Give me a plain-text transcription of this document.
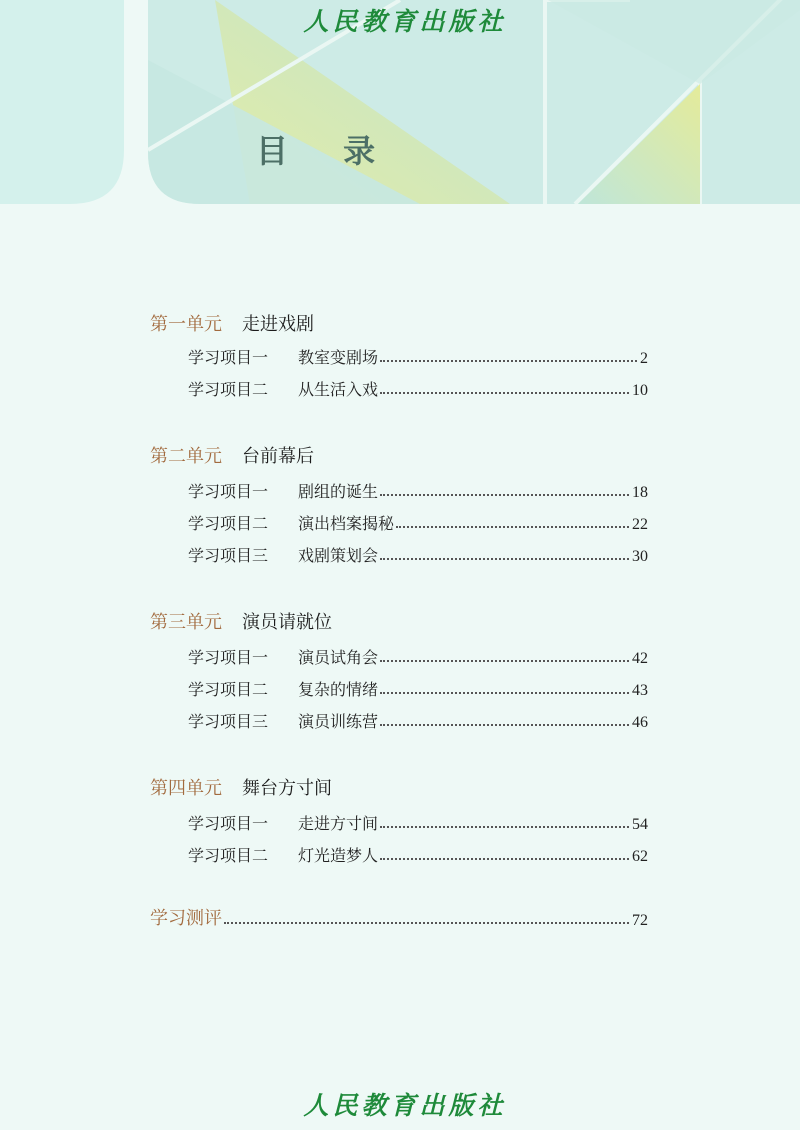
人民教育出版社
目 录
第一单元 走进戏剧
学习项目一	教室变剧场	2
学习项目二	从生活入戏	10
第二单元 台前幕后
学习项目一	剧组的诞生	18
学习项目二	演出档案揭秘	22
学习项目三	戏剧策划会	30
第三单元 演员请就位
学习项目一	演员试角会	42
学习项目二	复杂的情绪	43
学习项目三	演员训练营	46
第四单元 舞台方寸间
学习项目一	走进方寸间	54
学习项目二	灯光造梦人	62
学习测评	72
人民教育出版社
